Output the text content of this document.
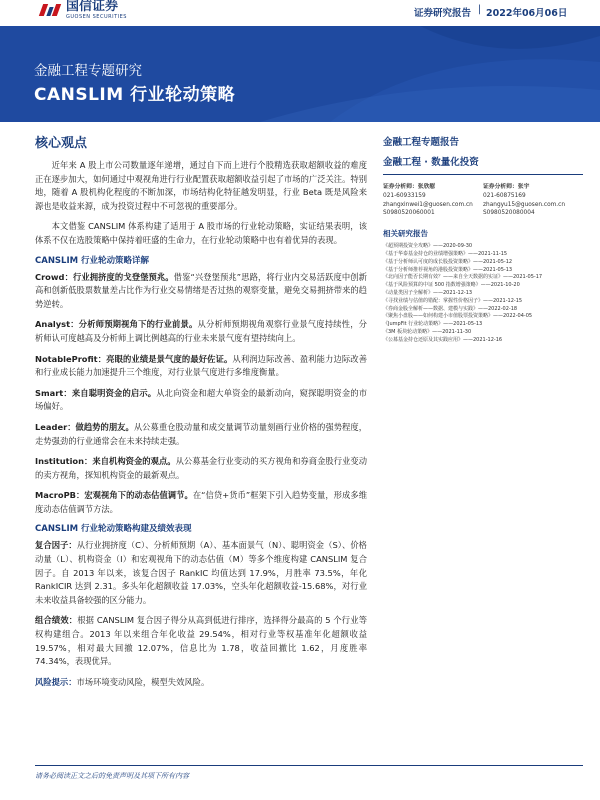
国信证券
GUOSEN SECURITIES	证券研究报告 | 2022年06月06日
金融工程专题研究
CANSLIM 行业轮动策略
核心观点

近年来 A 股上市公司数量逐年递增，通过自下而上进行个股精选获取超额收益的难度正在逐步加大，如何通过中观视角进行行业配置获取超额收益引起了市场的广泛关注。特别地，随着 A 股机构化程度的不断加深，市场结构化特征越发明显，行业 Beta 既是风险来源也是收益来源，成为投资过程中不可忽视的重要部分。

本文借鉴 CANSLIM 体系构建了适用于 A 股市场的行业轮动策略，实证结果表明，该体系不仅在选股策略中保持着旺盛的生命力，在行业轮动策略中也有着优异的表现。

CANSLIM 行业轮动策略详解

Crowd：行业拥挤度的戈登堡预兆。借鉴“兴登堡预兆”思路，将行业内交易活跃度中创新高和创新低股票数量差占比作为行业交易情绪是否过热的观察变量，避免交易拥挤带来的趋势逆转。

Analyst：分析师预期视角下的行业前景。从分析师预期视角观察行业景气度持续性，分析师认可度越高及分析师上调比例越高的行业未来景气度有望持续向上。

NotableProfit：亮眼的业绩是景气度的最好佐证。从利润边际改善、盈利能力边际改善和行业成长能力加速提升三个维度，对行业景气度进行多维度衡量。

Smart：来自聪明资金的启示。从北向资金和超大单资金的最新动向，窥探聪明资金的市场偏好。

Leader：做趋势的朋友。从公募重仓股动量和成交量调节动量刻画行业价格的强势程度，走势强劲的行业通常会在未来持续走强。

Institution：来自机构资金的观点。从公募基金行业变动的买方视角和券商金股行业变动的卖方视角，探知机构资金的最新观点。

MacroPB：宏观视角下的动态估值调节。在“信贷+货币”框架下引入趋势变量，形成多维度动态估值调节方法。

CANSLIM 行业轮动策略构建及绩效表现

复合因子：从行业拥挤度（C）、分析师预期（A）、基本面景气（N）、聪明资金（S）、价格动量（L）、机构资金（I）和宏观视角下的动态估值（M）等多个维度构建 CANSLIM 复合因子。自 2013 年以来，该复合因子 RankIC 均值达到 17.9%，月胜率 73.5%，年化 RankICIR 达到 2.31。多头年化超额收益 17.03%，空头年化超额收益-15.68%，对行业未来收益具备较强的区分能力。

组合绩效：根据 CANSLIM 复合因子得分从高到低进行排序，选择得分最高的 5 个行业等权构建组合。2013 年以来组合年化收益 29.54%，相对行业等权基准年化超额收益 19.57%，相对最大回撤 12.07%，信息比为 1.78，收益回撤比 1.62，月度胜率 74.34%，表现优异。

风险提示：市场环境变动风险，模型失效风险。

金融工程专题报告
金融工程 · 数量化投资
证券分析师：张欣慰
021-60933159
zhangxinwei1@guosen.com.cn
S0980520060001
证券分析师：张宇
021-60875169
zhangyu15@guosen.com.cn
S0980520080004
相关研究报告
《超预期投资全攻略》——2020-09-30
《基于华泰基金持仓的业绩增强策略》——2021-11-15
《基于分析师认可度的成长股投资策略》——2021-05-12
《基于分析师推荐视角的港股投资策略》——2021-05-13
《北向因子能否长期有效？——来自全天数据的实证》——2021-05-17
《基于风险预算的中证 500 指数增强策略》——2021-10-20
《动量类因子全解析》——2021-12-13
《寻找业绩与估值的错配：掌握性价格因子》——2021-12-15
《券商金股全解析——数据、建模与实践》——2022-02-18
《聚焦小盘股——如何构建小市值股票投资策略》——2022-04-05
《JumpFit 行业轮动策略》——2021-05-13
《3M 板块轮动策略》——2021-11-30
《公募基金持仓还原及其实践应用》——2021-12-16
请务必阅读正文之后的免责声明及其项下所有内容
